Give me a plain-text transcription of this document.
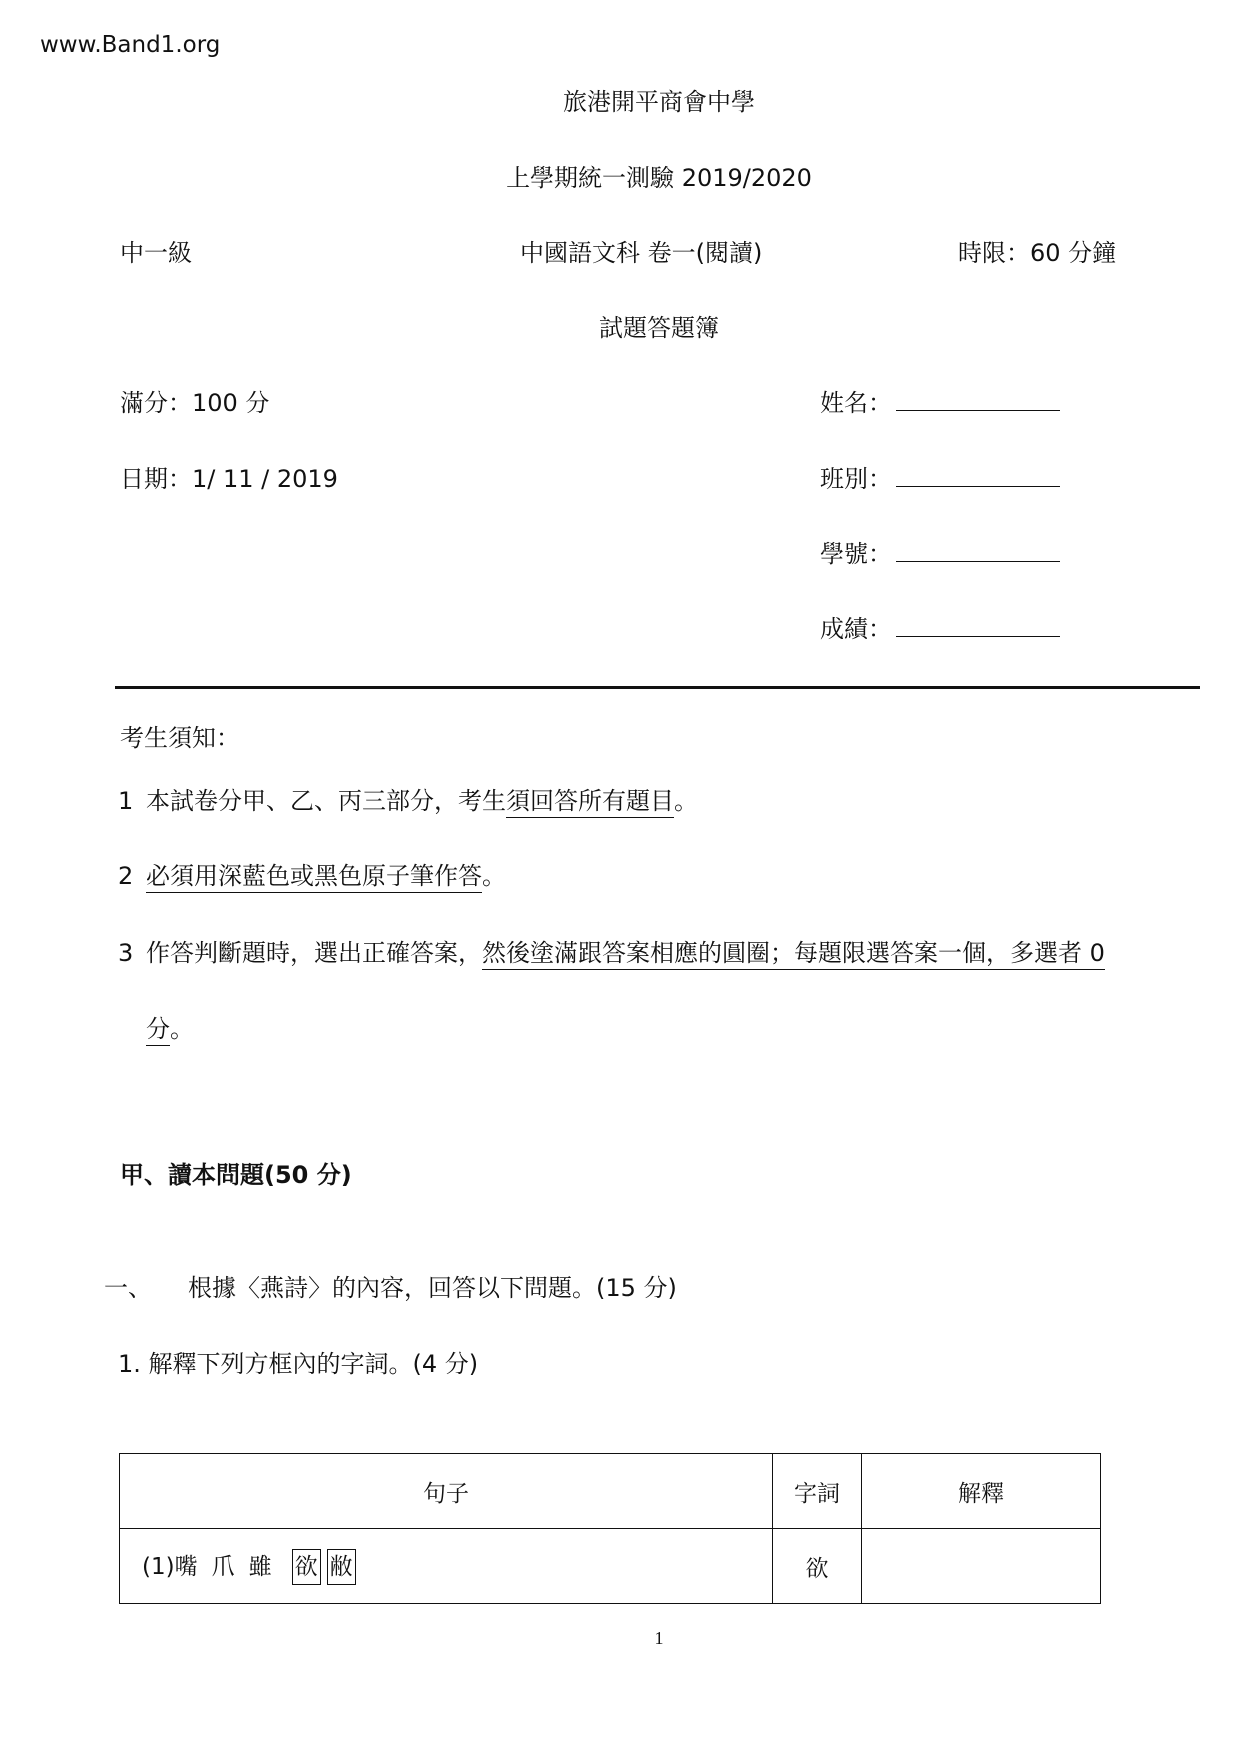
www.Band1.org
旅港開平商會中學
上學期統一測驗 2019/2020
中一級	中國語文科 卷一(閱讀)	時限：60 分鐘
試題答題簿
滿分：100 分
日期：1/ 11 / 2019
姓名：
班別：
學號：
成績：
考生須知：
1 本試卷分甲、乙、丙三部分，考生須回答所有題目。
2 必須用深藍色或黑色原子筆作答。
3 作答判斷題時，選出正確答案，然後塗滿跟答案相應的圓圈；每題限選答案一個，多選者 0
分。
甲、讀本問題(50 分)
一、 根據〈燕詩〉的內容，回答以下問題。(15 分)
1. 解釋下列方框內的字詞。(4 分)
句子	字詞	解釋
(1)嘴 爪 雖 欲 敝	欲	
1
